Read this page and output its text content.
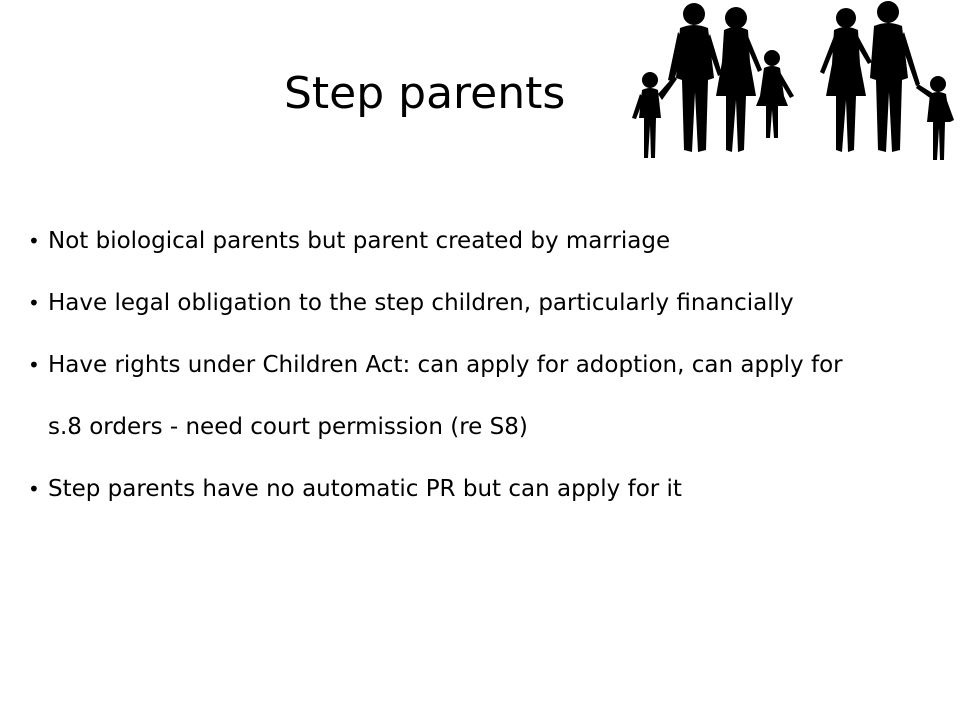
Step parents
• Not biological parents but parent created by marriage
• Have legal obligation to the step children, particularly financially
• Have rights under Children Act: can apply for adoption, can apply for s.8 orders - need court permission (re S8)
• Step parents have no automatic PR but can apply for it
